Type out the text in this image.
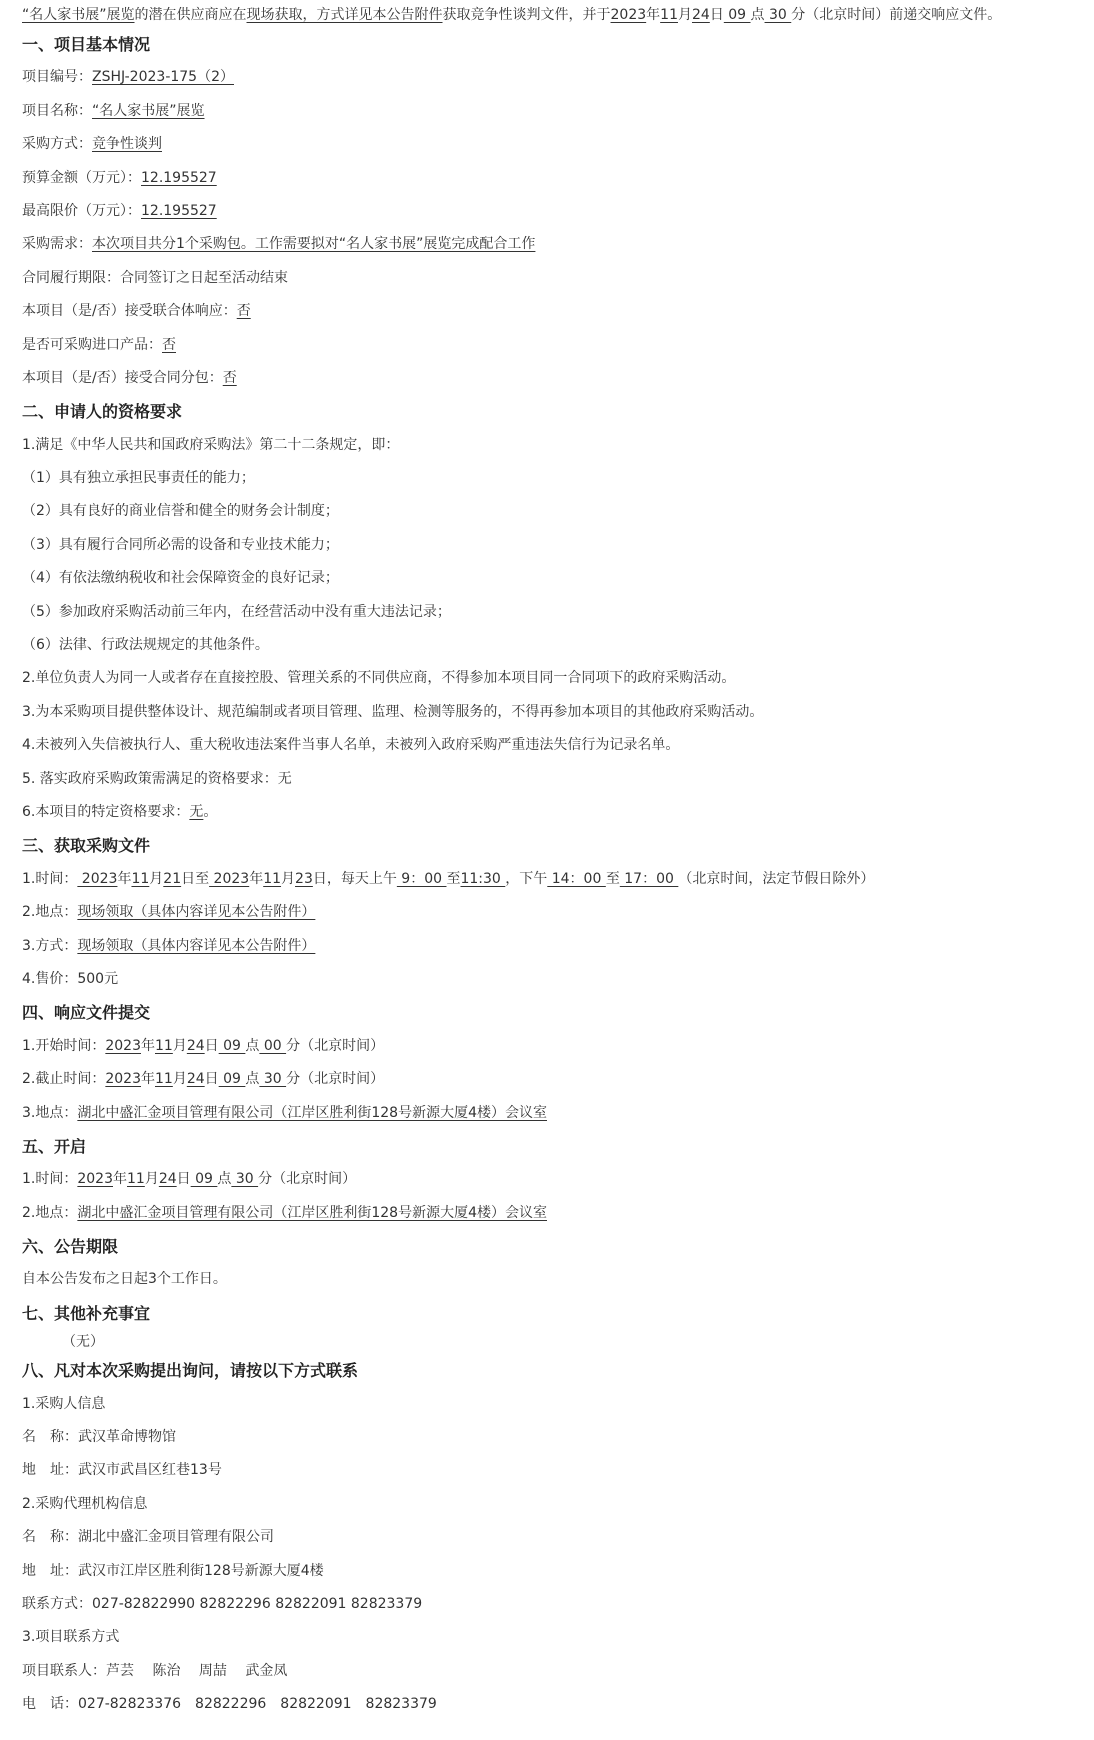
“名人家书展”展览的潜在供应商应在现场获取，方式详见本公告附件获取竞争性谈判文件，并于2023年11月24日 09 点 30 分（北京时间）前递交响应文件。
一、项目基本情况
项目编号：ZSHJ-2023-175（2）
项目名称：“名人家书展”展览
采购方式：竞争性谈判
预算金额（万元）：12.195527
最高限价（万元）：12.195527
采购需求：本次项目共分1个采购包。工作需要拟对“名人家书展”展览完成配合工作
合同履行期限：合同签订之日起至活动结束
本项目（是/否）接受联合体响应：否
是否可采购进口产品：否
本项目（是/否）接受合同分包：否
二、申请人的资格要求
1.满足《中华人民共和国政府采购法》第二十二条规定，即：
（1）具有独立承担民事责任的能力；
（2）具有良好的商业信誉和健全的财务会计制度；
（3）具有履行合同所必需的设备和专业技术能力；
（4）有依法缴纳税收和社会保障资金的良好记录；
（5）参加政府采购活动前三年内，在经营活动中没有重大违法记录；
（6）法律、行政法规规定的其他条件。
2.单位负责人为同一人或者存在直接控股、管理关系的不同供应商，不得参加本项目同一合同项下的政府采购活动。
3.为本采购项目提供整体设计、规范编制或者项目管理、监理、检测等服务的，不得再参加本项目的其他政府采购活动。
4.未被列入失信被执行人、重大税收违法案件当事人名单，未被列入政府采购严重违法失信行为记录名单。
5. 落实政府采购政策需满足的资格要求：无
6.本项目的特定资格要求：无。
三、获取采购文件
1.时间： 2023年11月21日至 2023年11月23日，每天上午 9：00 至11:30 ，下午 14：00 至 17：00 （北京时间，法定节假日除外）
2.地点：现场领取（具体内容详见本公告附件）
3.方式：现场领取（具体内容详见本公告附件）
4.售价：500元
四、响应文件提交
1.开始时间：2023年11月24日 09 点 00 分（北京时间）
2.截止时间：2023年11月24日 09 点 30 分（北京时间）
3.地点：湖北中盛汇金项目管理有限公司（江岸区胜利街128号新源大厦4楼）会议室
五、开启
1.时间：2023年11月24日 09 点 30 分（北京时间）
2.地点：湖北中盛汇金项目管理有限公司（江岸区胜利街128号新源大厦4楼）会议室
六、公告期限
自本公告发布之日起3个工作日。
七、其他补充事宜
（无）
八、凡对本次采购提出询问，请按以下方式联系
1.采购人信息
名　称：武汉革命博物馆
地　址：武汉市武昌区红巷13号
2.采购代理机构信息
名　称：湖北中盛汇金项目管理有限公司
地　址：武汉市江岸区胜利街128号新源大厦4楼
联系方式：027-82822990 82822296 82822091 82823379
3.项目联系方式
项目联系人：芦芸　 陈治　 周喆　 武金凤
电　话：027-82823376　82822296　82822091　82823379
